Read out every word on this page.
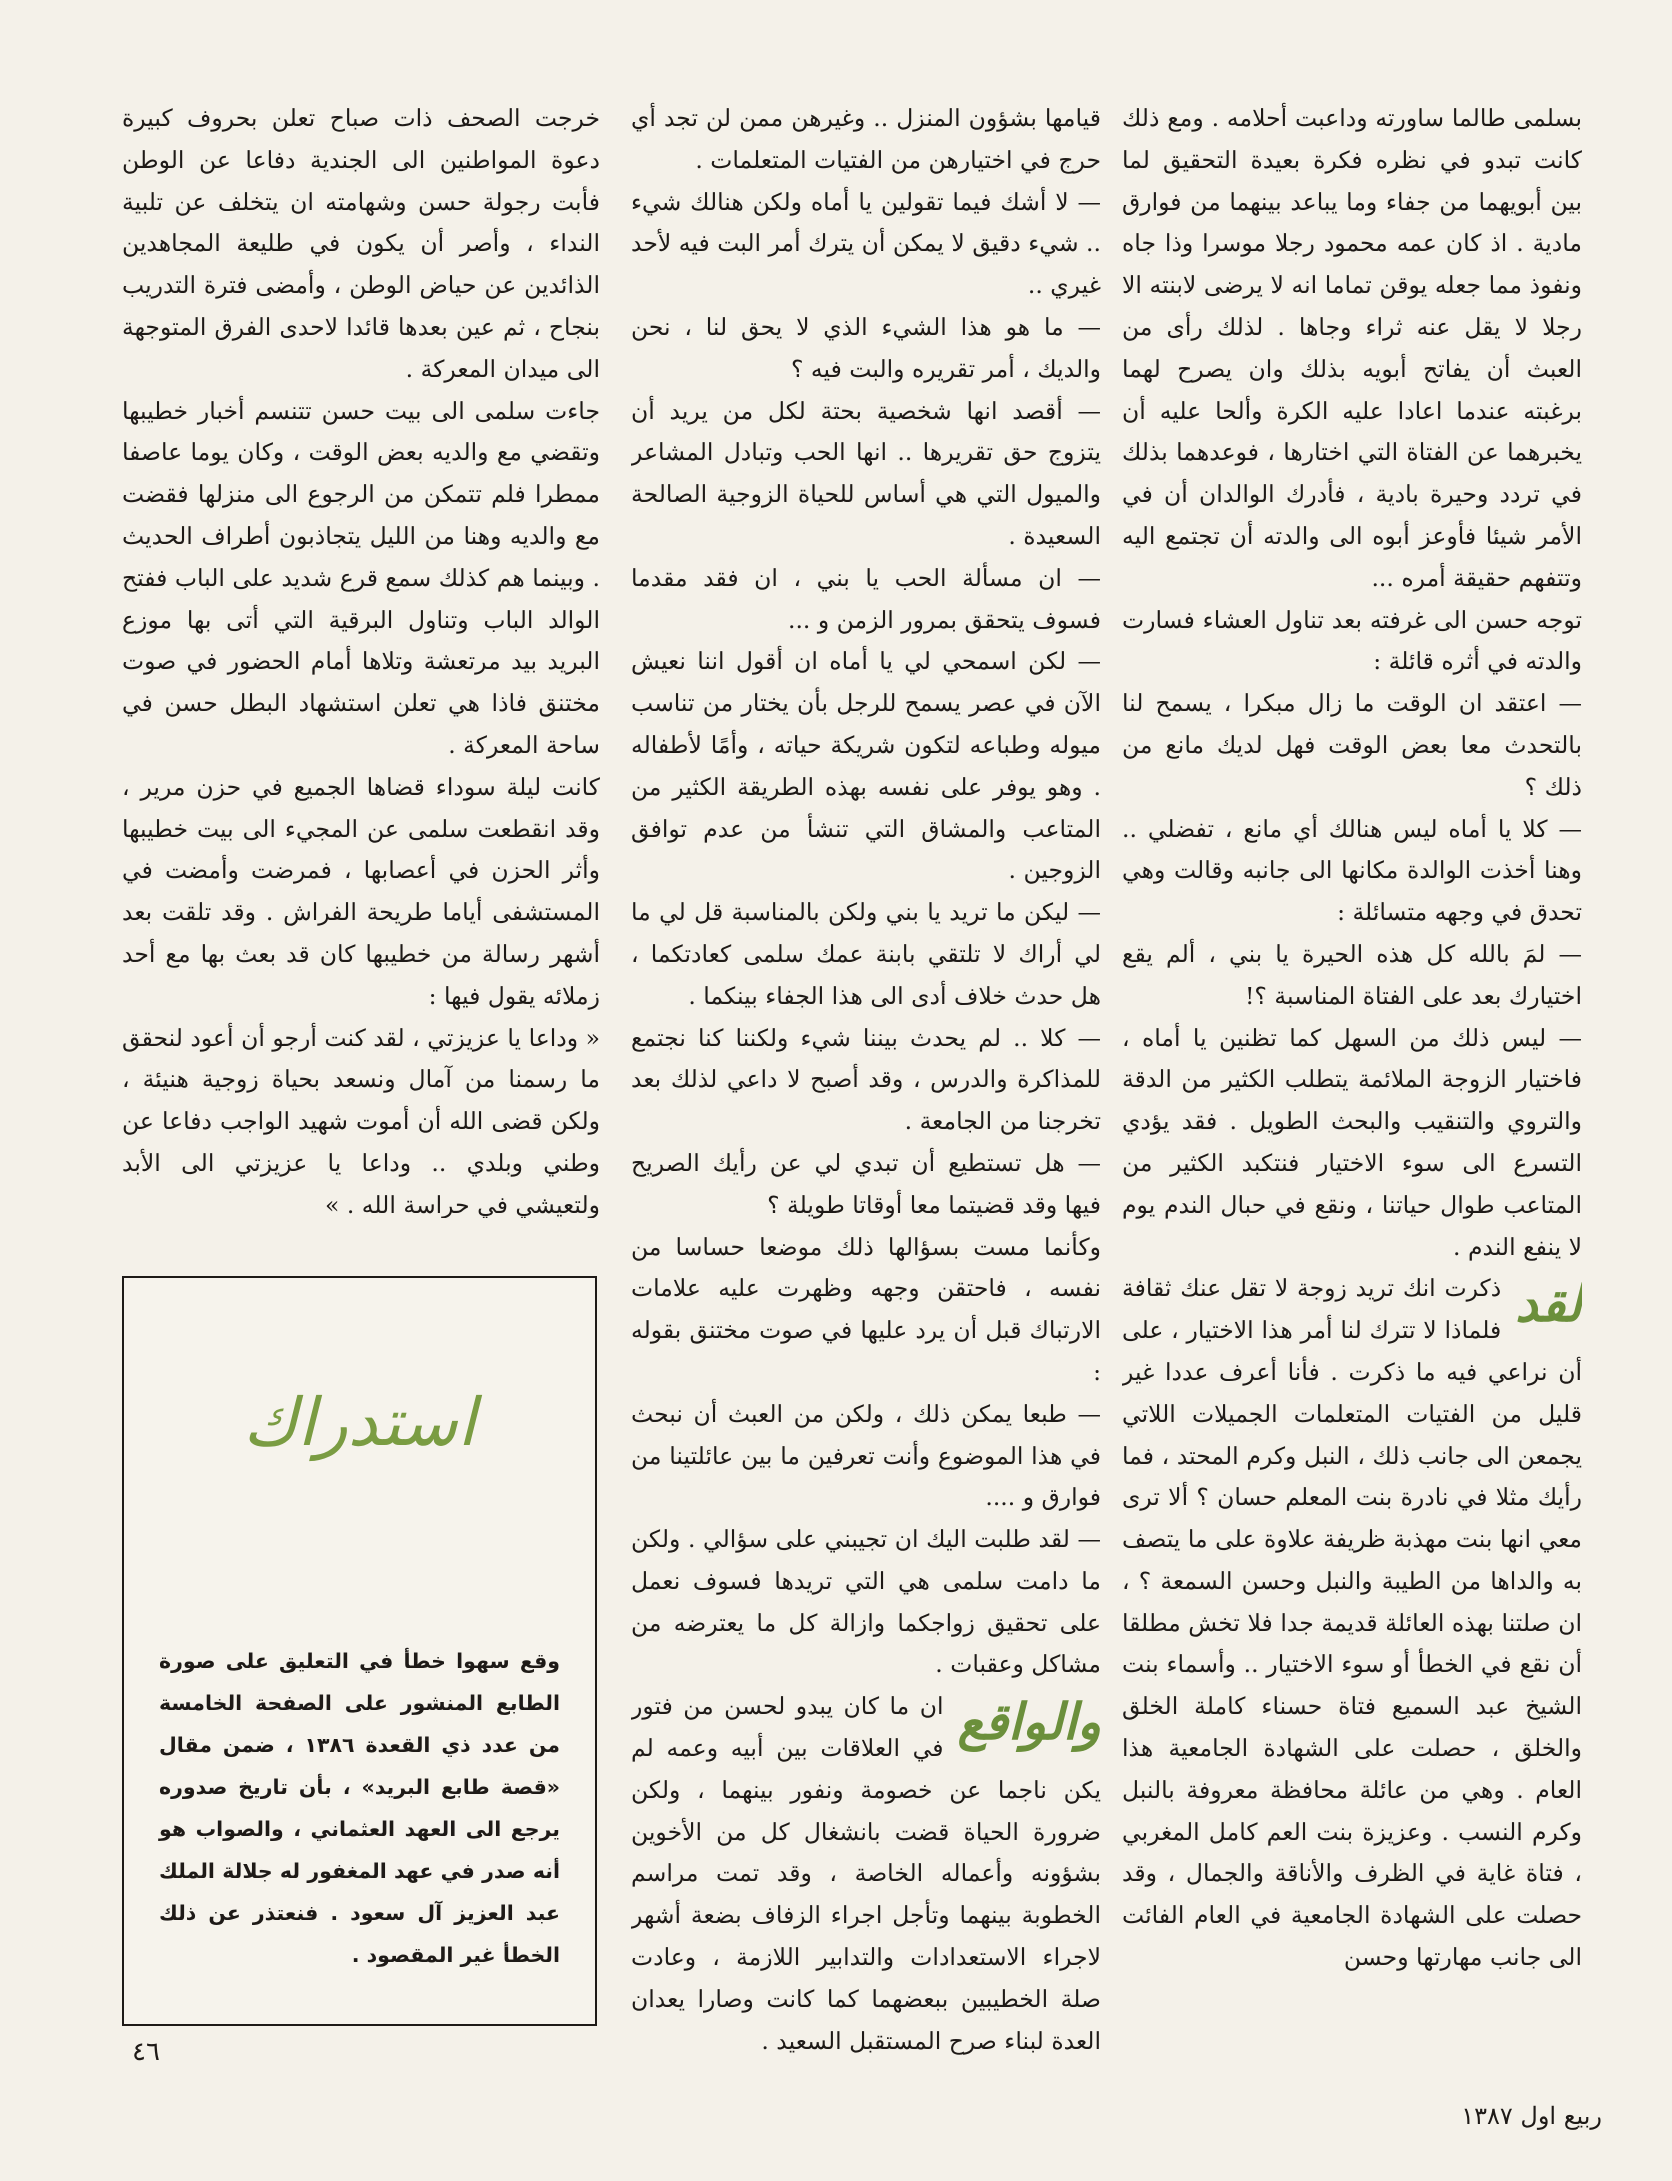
بسلمى طالما ساورته وداعبت أحلامه . ومع ذلك كانت تبدو في نظره فكرة بعيدة التحقيق لما بين أبويهما من جفاء وما يباعد بينهما من فوارق مادية . اذ كان عمه محمود رجلا موسرا وذا جاه ونفوذ مما جعله يوقن تماما انه لا يرضى لابنته الا رجلا لا يقل عنه ثراء وجاها . لذلك رأى من العبث أن يفاتح أبويه بذلك وان يصرح لهما برغبته عندما اعادا عليه الكرة وألحا عليه أن يخبرهما عن الفتاة التي اختارها ، فوعدهما بذلك في تردد وحيرة بادية ، فأدرك الوالدان أن في الأمر شيئا فأوعز أبوه الى والدته أن تجتمع اليه وتتفهم حقيقة أمره ...

توجه حسن الى غرفته بعد تناول العشاء فسارت والدته في أثره قائلة :

— اعتقد ان الوقت ما زال مبكرا ، يسمح لنا بالتحدث معا بعض الوقت فهل لديك مانع من ذلك ؟

— كلا يا أماه ليس هنالك أي مانع ، تفضلي .. وهنا أخذت الوالدة مكانها الى جانبه وقالت وهي تحدق في وجهه متسائلة :

— لمَ بالله كل هذه الحيرة يا بني ، ألم يقع اختيارك بعد على الفتاة المناسبة ؟!

— ليس ذلك من السهل كما تظنين يا أماه ، فاختيار الزوجة الملائمة يتطلب الكثير من الدقة والتروي والتنقيب والبحث الطويل . فقد يؤدي التسرع الى سوء الاختيار فنتكبد الكثير من المتاعب طوال حياتنا ، ونقع في حبال الندم يوم لا ينفع الندم .

لقد

ذكرت انك تريد زوجة لا تقل عنك ثقافة فلماذا لا تترك لنا أمر هذا الاختيار ، على أن نراعي فيه ما ذكرت . فأنا أعرف عددا غير قليل من الفتيات المتعلمات الجميلات اللاتي يجمعن الى جانب ذلك ، النبل وكرم المحتد ، فما رأيك مثلا في نادرة بنت المعلم حسان ؟ ألا ترى معي انها بنت مهذبة ظريفة علاوة على ما يتصف به والداها من الطيبة والنبل وحسن السمعة ؟ ، ان صلتنا بهذه العائلة قديمة جدا فلا تخش مطلقا أن نقع في الخطأ أو سوء الاختيار .. وأسماء بنت الشيخ عبد السميع فتاة حسناء كاملة الخلق والخلق ، حصلت على الشهادة الجامعية هذا العام . وهي من عائلة محافظة معروفة بالنبل وكرم النسب . وعزيزة بنت العم كامل المغربي ، فتاة غاية في الظرف والأناقة والجمال ، وقد حصلت على الشهادة الجامعية في العام الفائت الى جانب مهارتها وحسن

قيامها بشؤون المنزل .. وغيرهن ممن لن تجد أي حرج في اختيارهن من الفتيات المتعلمات .

— لا أشك فيما تقولين يا أماه ولكن هنالك شيء .. شيء دقيق لا يمكن أن يترك أمر البت فيه لأحد غيري ..

— ما هو هذا الشيء الذي لا يحق لنا ، نحن والديك ، أمر تقريره والبت فيه ؟

— أقصد انها شخصية بحتة لكل من يريد أن يتزوج حق تقريرها .. انها الحب وتبادل المشاعر والميول التي هي أساس للحياة الزوجية الصالحة السعيدة .

— ان مسألة الحب يا بني ، ان فقد مقدما فسوف يتحقق بمرور الزمن و ...

— لكن اسمحي لي يا أماه ان أقول اننا نعيش الآن في عصر يسمح للرجل بأن يختار من تناسب ميوله وطباعه لتكون شريكة حياته ، وأمًا لأطفاله . وهو يوفر على نفسه بهذه الطريقة الكثير من المتاعب والمشاق التي تنشأ من عدم توافق الزوجين .

— ليكن ما تريد يا بني ولكن بالمناسبة قل لي ما لي أراك لا تلتقي بابنة عمك سلمى كعادتكما ، هل حدث خلاف أدى الى هذا الجفاء بينكما .

— كلا .. لم يحدث بيننا شيء ولكننا كنا نجتمع للمذاكرة والدرس ، وقد أصبح لا داعي لذلك بعد تخرجنا من الجامعة .

— هل تستطيع أن تبدي لي عن رأيك الصريح فيها وقد قضيتما معا أوقاتا طويلة ؟

وكأنما مست بسؤالها ذلك موضعا حساسا من نفسه ، فاحتقن وجهه وظهرت عليه علامات الارتباك قبل أن يرد عليها في صوت مختنق بقوله :

— طبعا يمكن ذلك ، ولكن من العبث أن نبحث في هذا الموضوع وأنت تعرفين ما بين عائلتينا من فوارق و ....

— لقد طلبت اليك ان تجيبني على سؤالي . ولكن ما دامت سلمى هي التي تريدها فسوف نعمل على تحقيق زواجكما وازالة كل ما يعترضه من مشاكل وعقبات .

والواقع

ان ما كان يبدو لحسن من فتور في العلاقات بين أبيه وعمه لم يكن ناجما عن خصومة ونفور بينهما ، ولكن ضرورة الحياة قضت بانشغال كل من الأخوين بشؤونه وأعماله الخاصة ، وقد تمت مراسم الخطوبة بينهما وتأجل اجراء الزفاف بضعة أشهر لاجراء الاستعدادات والتدابير اللازمة ، وعادت صلة الخطيبين ببعضهما كما كانت وصارا يعدان العدة لبناء صرح المستقبل السعيد .

خرجت الصحف ذات صباح تعلن بحروف كبيرة دعوة المواطنين الى الجندية دفاعا عن الوطن فأبت رجولة حسن وشهامته ان يتخلف عن تلبية النداء ، وأصر أن يكون في طليعة المجاهدين الذائدين عن حياض الوطن ، وأمضى فترة التدريب بنجاح ، ثم عين بعدها قائدا لاحدى الفرق المتوجهة الى ميدان المعركة .

جاءت سلمى الى بيت حسن تتنسم أخبار خطيبها وتقضي مع والديه بعض الوقت ، وكان يوما عاصفا ممطرا فلم تتمكن من الرجوع الى منزلها فقضت مع والديه وهنا من الليل يتجاذبون أطراف الحديث . وبينما هم كذلك سمع قرع شديد على الباب ففتح الوالد الباب وتناول البرقية التي أتى بها موزع البريد بيد مرتعشة وتلاها أمام الحضور في صوت مختنق فاذا هي تعلن استشهاد البطل حسن في ساحة المعركة .

كانت ليلة سوداء قضاها الجميع في حزن مرير ، وقد انقطعت سلمى عن المجيء الى بيت خطيبها وأثر الحزن في أعصابها ، فمرضت وأمضت في المستشفى أياما طريحة الفراش . وقد تلقت بعد أشهر رسالة من خطيبها كان قد بعث بها مع أحد زملائه يقول فيها :

« وداعا يا عزيزتي ، لقد كنت أرجو أن أعود لنحقق ما رسمنا من آمال ونسعد بحياة زوجية هنيئة ، ولكن قضى الله أن أموت شهيد الواجب دفاعا عن وطني وبلدي .. وداعا يا عزيزتي الى الأبد ولتعيشي في حراسة الله . »

استدراك
وقع سهوا خطأ في التعليق على صورة الطابع المنشور على الصفحة الخامسة من عدد ذي القعدة ١٣٨٦ ، ضمن مقال «قصة طابع البريد» ، بأن تاريخ صدوره يرجع الى العهد العثماني ، والصواب هو أنه صدر في عهد المغفور له جلالة الملك عبد العزيز آل سعود . فنعتذر عن ذلك الخطأ غير المقصود .
٤٦
ربيع اول ١٣٨٧
